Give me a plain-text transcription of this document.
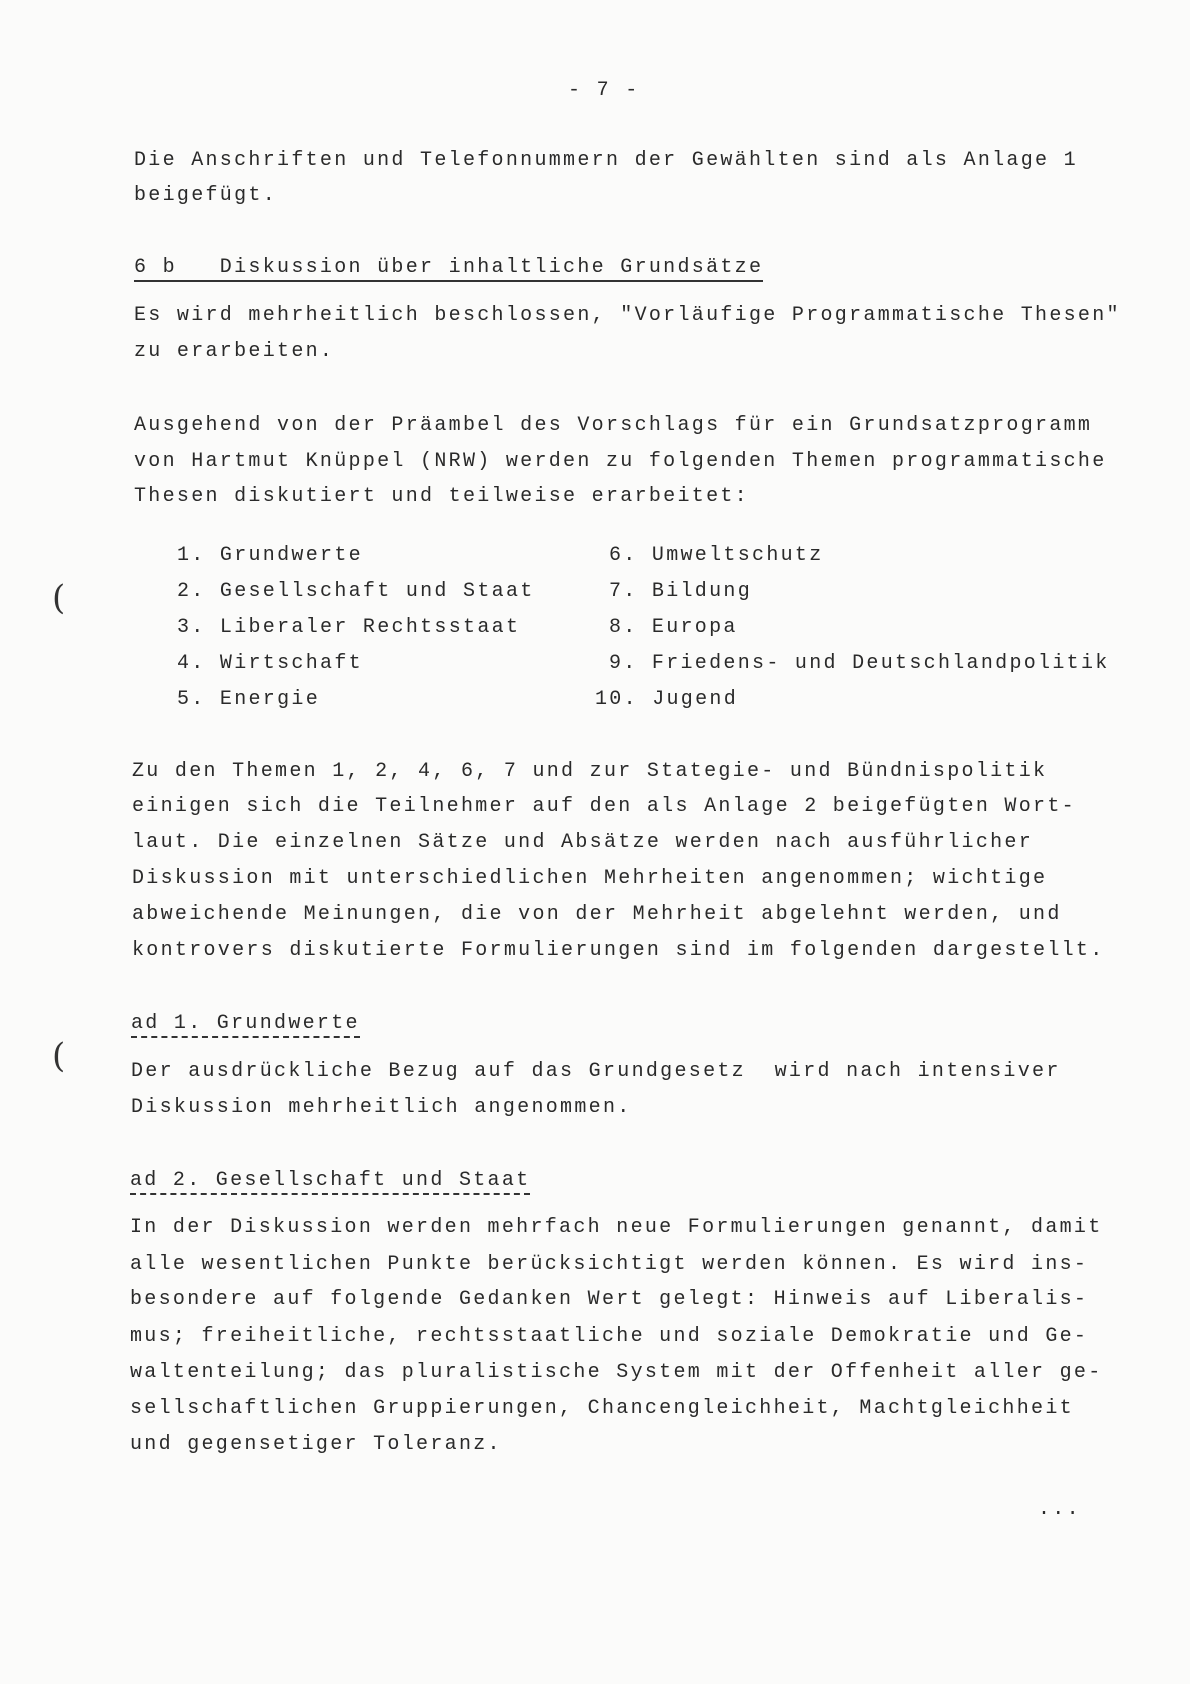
- 7 -
Die Anschriften und Telefonnummern der Gewählten sind als Anlage 1
beigefügt.
6 b   Diskussion über inhaltliche Grundsätze
Es wird mehrheitlich beschlossen, "Vorläufige Programmatische Thesen"
zu erarbeiten.
Ausgehend von der Präambel des Vorschlags für ein Grundsatzprogramm
von Hartmut Knüppel (NRW) werden zu folgenden Themen programmatische
Thesen diskutiert und teilweise erarbeitet:
1. Grundwerte
2. Gesellschaft und Staat
3. Liberaler Rechtsstaat
4. Wirtschaft
5. Energie
6. Umweltschutz
7. Bildung
8. Europa
9. Friedens- und Deutschlandpolitik
10. Jugend
Zu den Themen 1, 2, 4, 6, 7 und zur Stategie- und Bündnispolitik
einigen sich die Teilnehmer auf den als Anlage 2 beigefügten Wort-
laut. Die einzelnen Sätze und Absätze werden nach ausführlicher
Diskussion mit unterschiedlichen Mehrheiten angenommen; wichtige
abweichende Meinungen, die von der Mehrheit abgelehnt werden, und
kontrovers diskutierte Formulierungen sind im folgenden dargestellt.
ad 1. Grundwerte
Der ausdrückliche Bezug auf das Grundgesetz  wird nach intensiver
Diskussion mehrheitlich angenommen.
ad 2. Gesellschaft und Staat
In der Diskussion werden mehrfach neue Formulierungen genannt, damit
alle wesentlichen Punkte berücksichtigt werden können. Es wird ins-
besondere auf folgende Gedanken Wert gelegt: Hinweis auf Liberalis-
mus; freiheitliche, rechtsstaatliche und soziale Demokratie und Ge-
waltenteilung; das pluralistische System mit der Offenheit aller ge-
sellschaftlichen Gruppierungen, Chancengleichheit, Machtgleichheit
und gegensetiger Toleranz.
...
(
(
